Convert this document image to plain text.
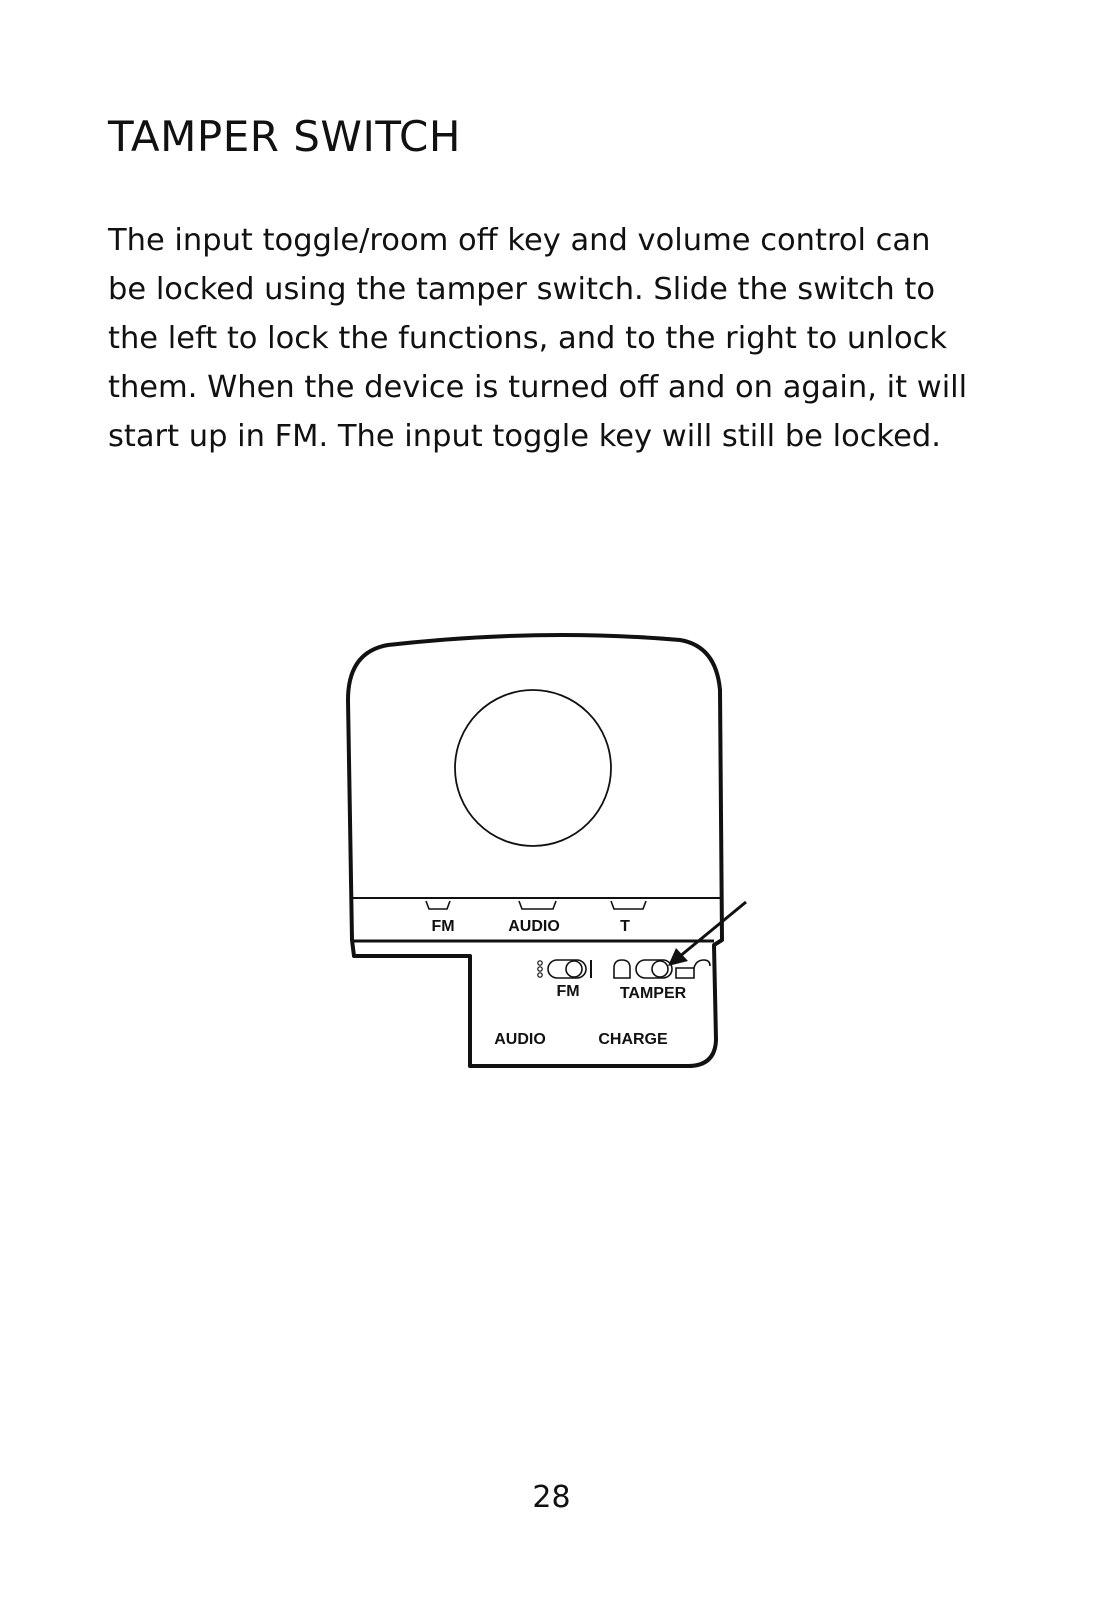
TAMPER SWITCH
The input toggle/room off key and volume control can
be locked using the tamper switch. Slide the switch to
the left to lock the functions, and to the right to unlock
them. When the device is turned off and on again, it will
start up in FM. The input toggle key will still be locked.
FM	AUDIO	T
FM	TAMPER
AUDIO	CHARGE
28
